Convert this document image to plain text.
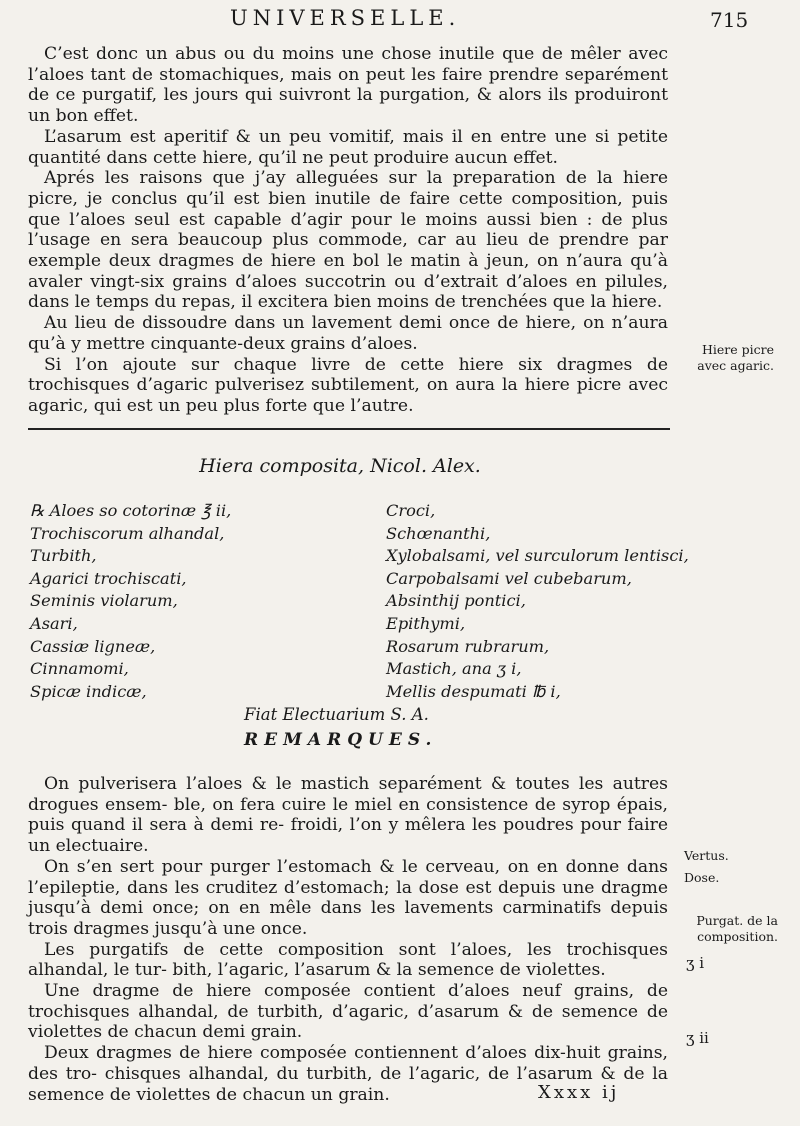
UNIVERSELLE.	715

C’est donc un abus ou du moins une chose inutile que de mêler avec l’aloes tant de stomachiques, mais on peut les faire prendre separément de ce purgatif, les jours qui suivront la purgation, & alors ils produiront un bon effet.

L’asarum est aperitif & un peu vomitif, mais il en entre une si petite quantité dans cette hiere, qu’il ne peut produire aucun effet.

Aprés les raisons que j’ay alleguées sur la preparation de la hiere picre, je conclus qu’il est bien inutile de faire cette composition, puis que l’aloes seul est capable d’agir pour le moins aussi bien : de plus l’usage en sera beaucoup plus commode, car au lieu de prendre par exemple deux dragmes de hiere en bol le matin à jeun, on n’aura qu’à avaler vingt-six grains d’aloes succotrin ou d’extrait d’aloes en pilules, dans le temps du repas, il excitera bien moins de trenchées que la hiere.

Au lieu de dissoudre dans un lavement demi once de hiere, on n’aura qu’à y mettre cinquante-deux grains d’aloes.

Si l’on ajoute sur chaque livre de cette hiere six dragmes de trochisques d’agaric pulverisez subtilement, on aura la hiere picre avec agaric, qui est un peu plus forte que l’autre.

Hiere picre
avec agaric.
Hiera composita, Nicol. Alex.
℞ Aloes so cotorinæ ℥ ii,
Trochiscorum alhandal,
Turbith,
Agarici trochiscati,
Seminis violarum,
Asari,
Cassiæ ligneæ,
Cinnamomi,
Spicæ indicæ,
Croci,
Schœnanthi,
Xylobalsami, vel surculorum lentisci,
Carpobalsami vel cubebarum,
Absinthij pontici,
Epithymi,
Rosarum rubrarum,
Mastich, ana ʒ i,
Mellis despumati ℔ i,
Fiat Electuarium S. A.
REMARQUES.

On pulverisera l’aloes & le mastich separément & toutes les autres drogues ensem- ble, on fera cuire le miel en consistence de syrop épais, puis quand il sera à demi re- froidi, l’on y mêlera les poudres pour faire un electuaire.

On s’en sert pour purger l’estomach & le cerveau, on en donne dans l’epileptie, dans les cruditez d’estomach; la dose est depuis une dragme jusqu’à demi once; on en mêle dans les lavements carminatifs depuis trois dragmes jusqu’à une once.

Les purgatifs de cette composition sont l’aloes, les trochisques alhandal, le tur- bith, l’agaric, l’asarum & la semence de violettes.

Une dragme de hiere composée contient d’aloes neuf grains, de trochisques alhandal, de turbith, d’agaric, d’asarum & de semence de violettes de chacun demi grain.

Deux dragmes de hiere composée contiennent d’aloes dix-huit grains, des tro- chisques alhandal, du turbith, de l’agaric, de l’asarum & de la semence de violettes de chacun un grain.

Vertus.
Dose.
Purgat. de la
composition.
ʒ i
ʒ ii
Xxxx ij
